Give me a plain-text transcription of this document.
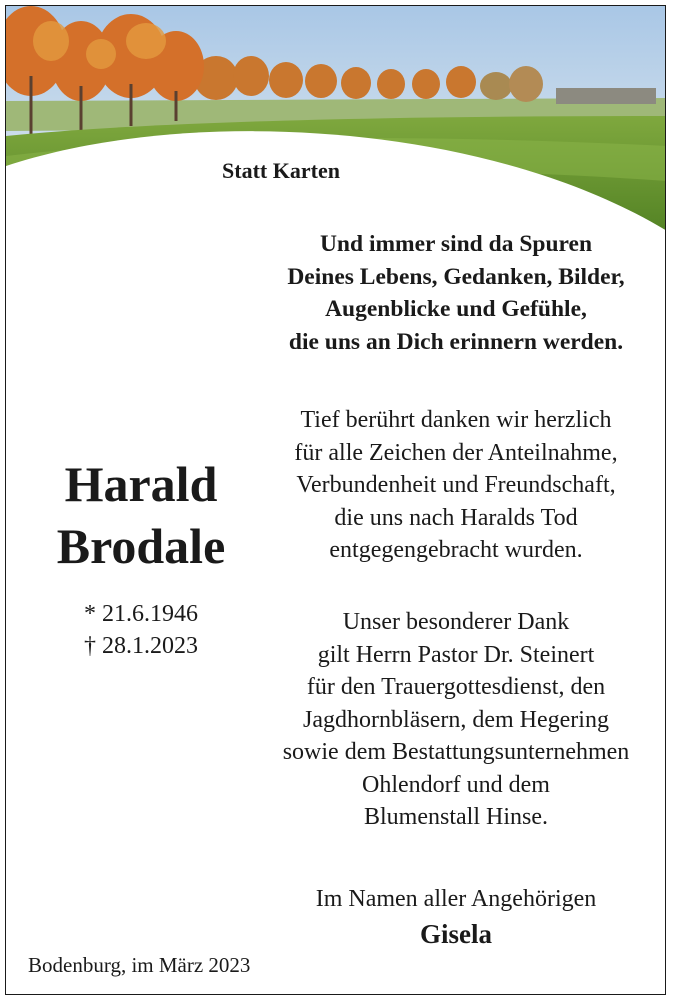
Statt Karten
Und immer sind da Spuren
Deines Lebens, Gedanken, Bilder,
Augenblicke und Gefühle,
die uns an Dich erinnern werden.
Tief berührt danken wir herzlich
für alle Zeichen der Anteilnahme,
Verbundenheit und Freundschaft,
die uns nach Haralds Tod
entgegengebracht wurden.
Harald
Brodale
* 21.6.1946
† 28.1.2023
Unser besonderer Dank
gilt Herrn Pastor Dr. Steinert
für den Trauergottesdienst, den
Jagdhornbläsern, dem Hegering
sowie dem Bestattungsunternehmen
Ohlendorf und dem
Blumenstall Hinse.
Im Namen aller Angehörigen
Gisela
Bodenburg, im März 2023
